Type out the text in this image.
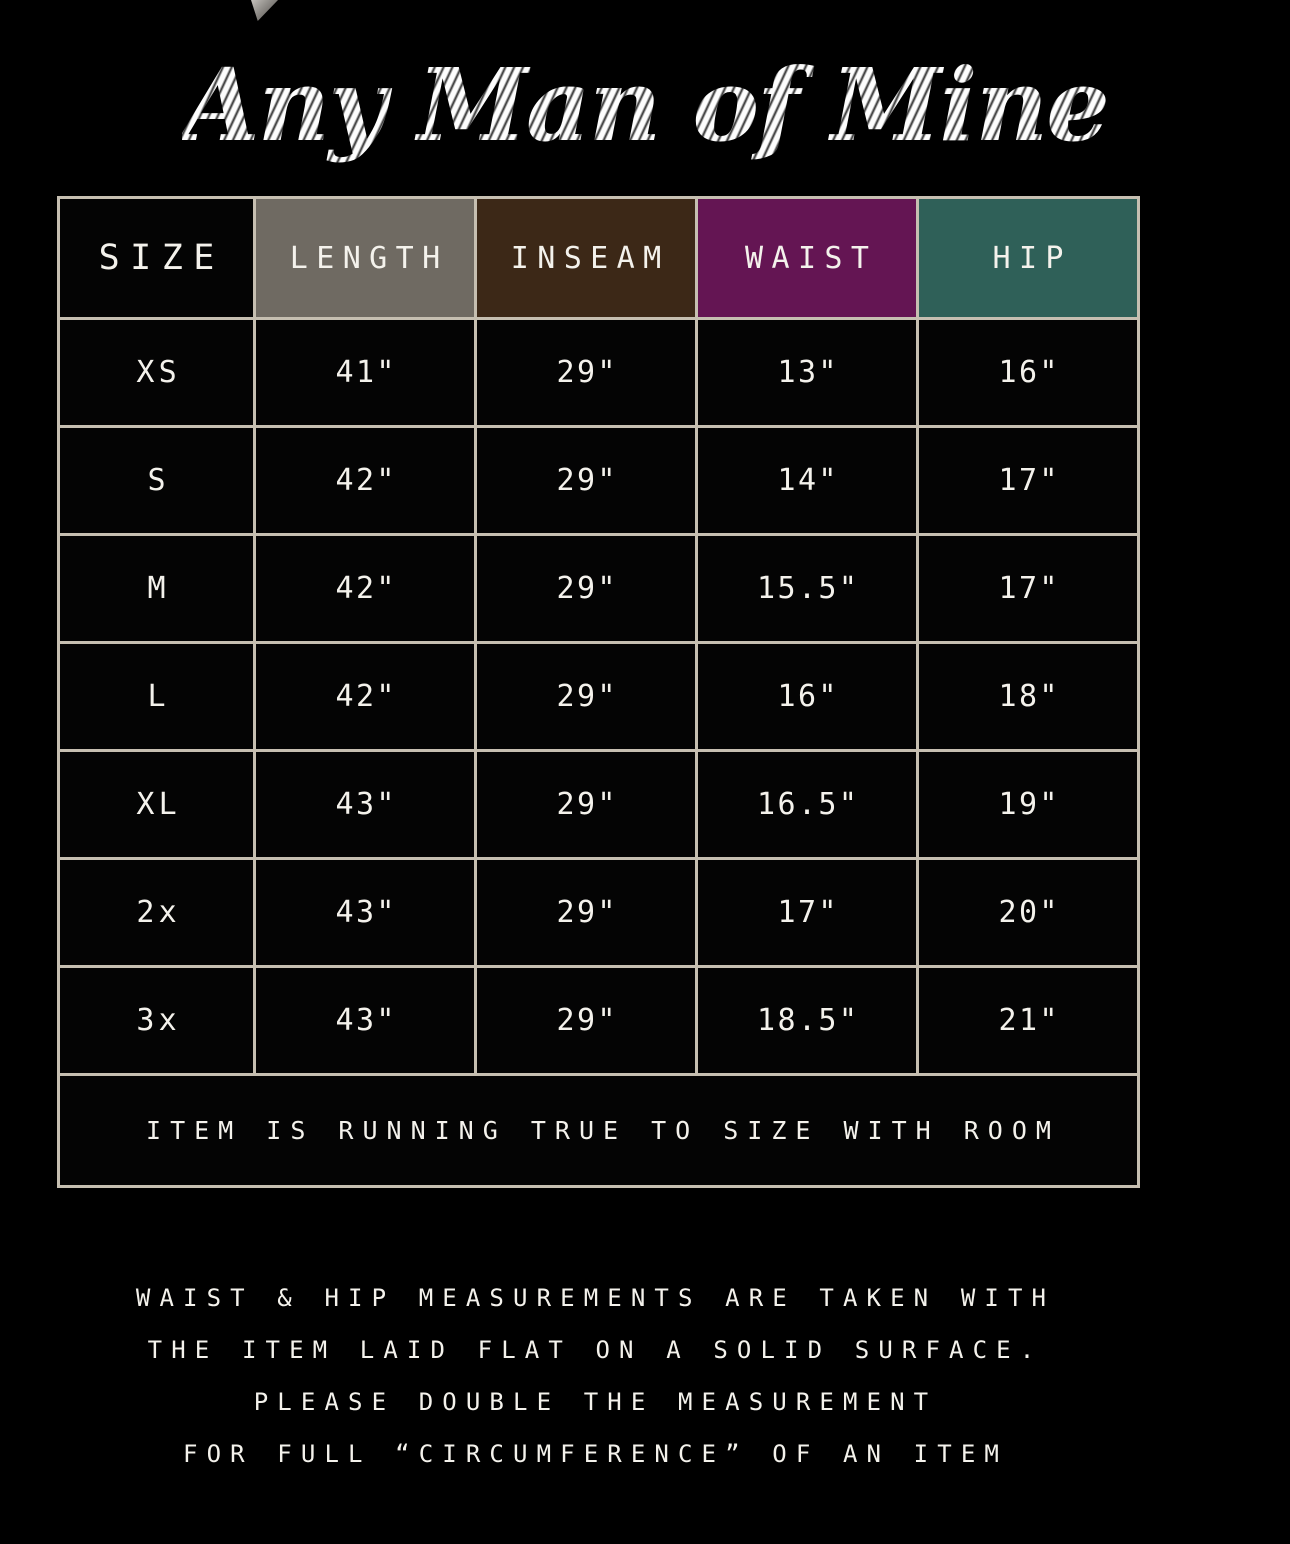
Any Man of Mine
SIZE	LENGTH	INSEAM	WAIST	HIP
XS	41"	29"	13"	16"
S	42"	29"	14"	17"
M	42"	29"	15.5"	17"
L	42"	29"	16"	18"
XL	43"	29"	16.5"	19"
2x	43"	29"	17"	20"
3x	43"	29"	18.5"	21"
ITEM IS RUNNING TRUE TO SIZE WITH ROOM
WAIST & HIP MEASUREMENTS ARE TAKEN WITH
THE ITEM LAID FLAT ON A SOLID SURFACE.
PLEASE DOUBLE THE MEASUREMENT
FOR FULL “CIRCUMFERENCE” OF AN ITEM
